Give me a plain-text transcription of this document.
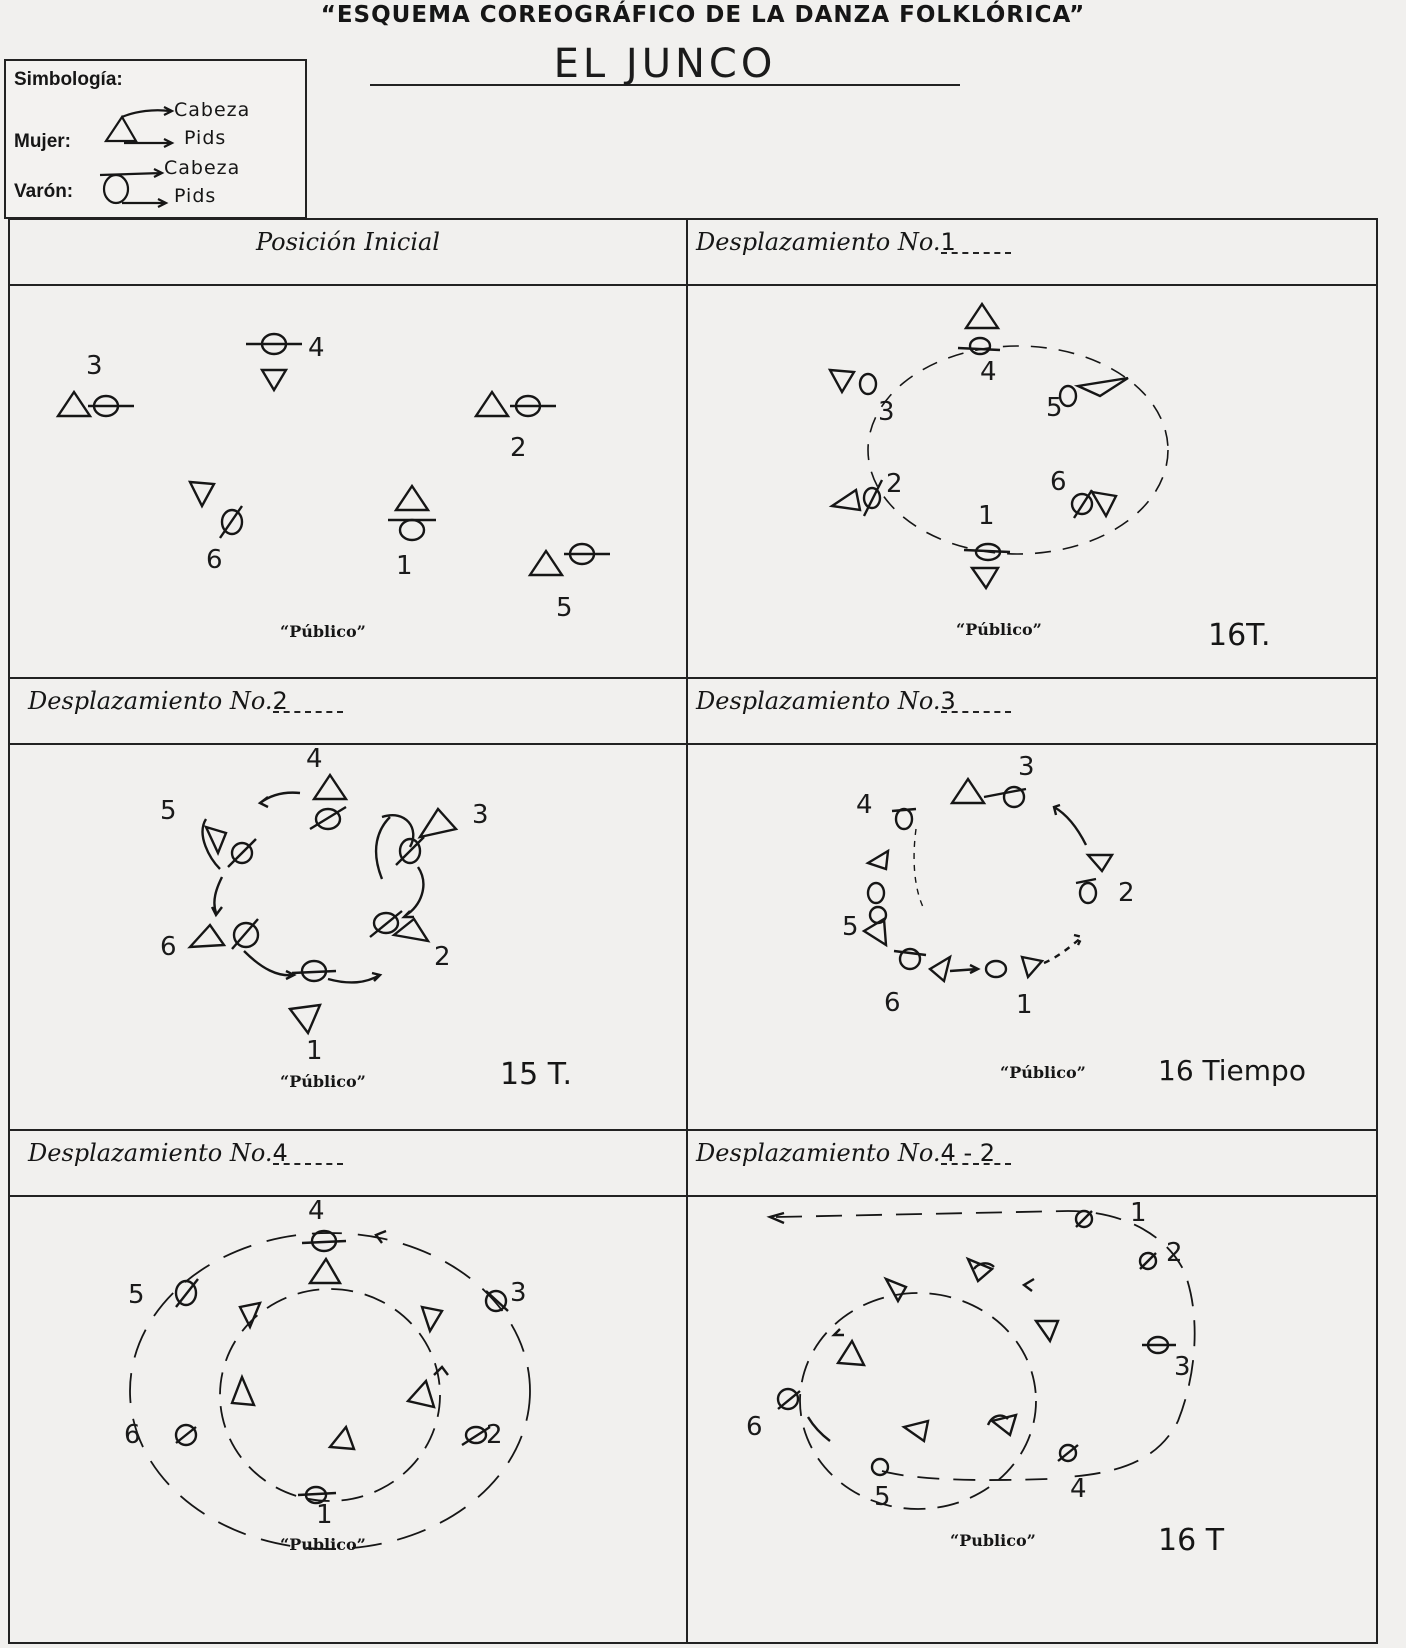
“ESQUEMA COREOGRÁFICO DE LA DANZA FOLKLÓRICA”
EL JUNCO
Simbología:
Mujer:
Varón:
Cabeza
Pids
Cabeza
Pids
Posición Inicial
3
4
2
6	1
5
“Público”
Desplazamiento No.1
4
3	5
2	6
1
“Público”	16T.
Desplazamiento No.2
4
5	3
2
6
1
“Público”	15 T.
Desplazamiento No.3
3
4
2
5
6	1
“Público”	16 Tiempo
Desplazamiento No.4
4
5	3
6	2
1
“Publico”
Desplazamiento No.4 - 2
1
2
3
4
5
6
“Publico”	16 T
